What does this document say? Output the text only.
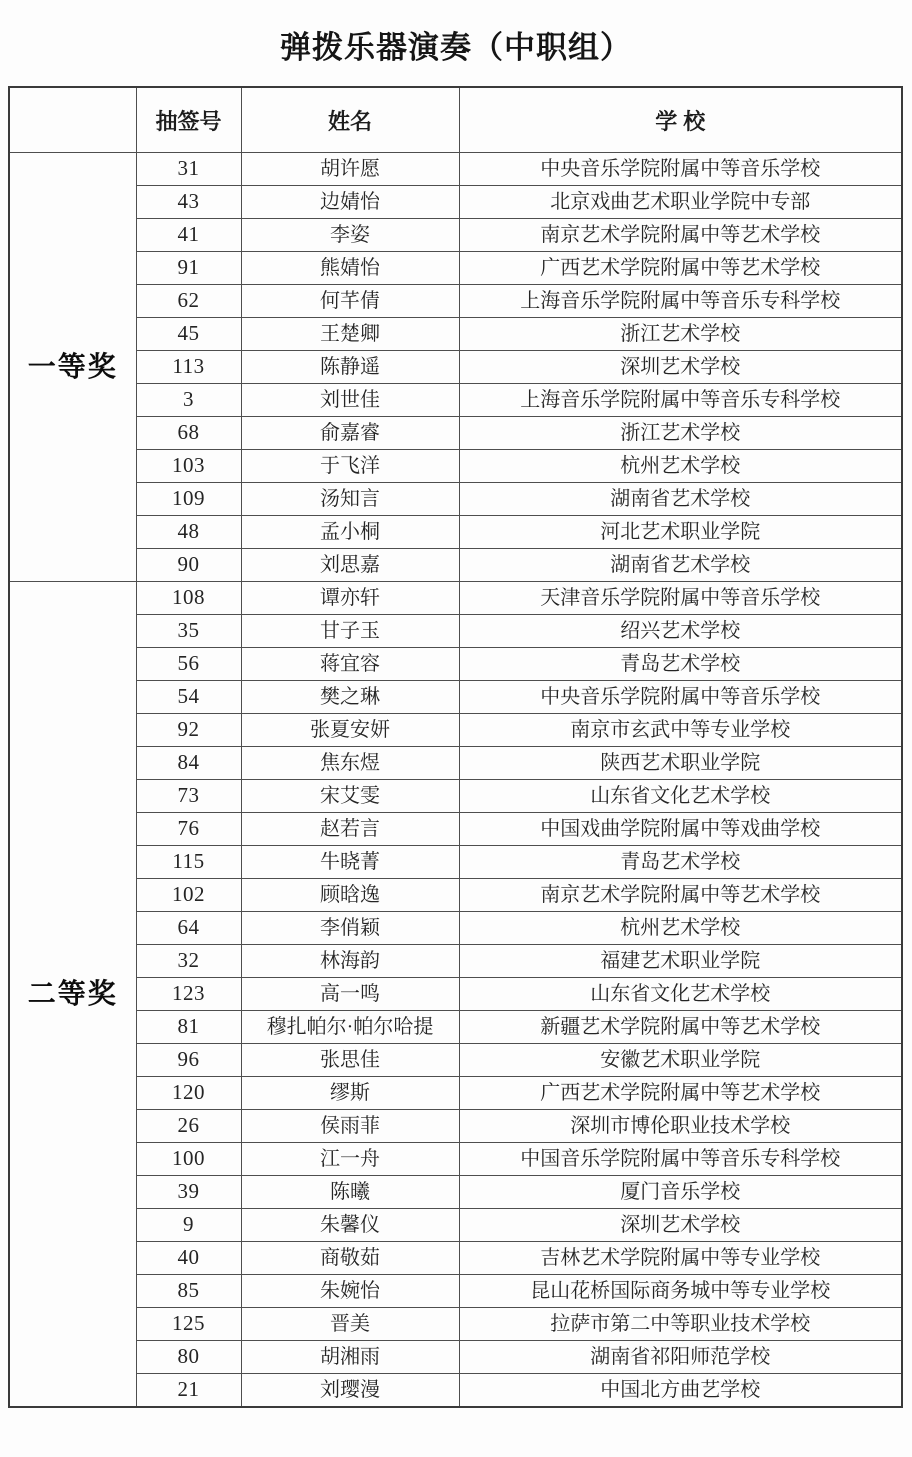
弹拨乐器演奏（中职组）
	抽签号	姓名	学 校
一等奖	31	胡许愿	中央音乐学院附属中等音乐学校
	43	边婧怡	北京戏曲艺术职业学院中专部
	41	李姿	南京艺术学院附属中等艺术学校
	91	熊婧怡	广西艺术学院附属中等艺术学校
	62	何芊倩	上海音乐学院附属中等音乐专科学校
	45	王楚卿	浙江艺术学校
	113	陈静遥	深圳艺术学校
	3	刘世佳	上海音乐学院附属中等音乐专科学校
	68	俞嘉睿	浙江艺术学校
	103	于飞洋	杭州艺术学校
	109	汤知言	湖南省艺术学校
	48	孟小桐	河北艺术职业学院
	90	刘思嘉	湖南省艺术学校
二等奖	108	谭亦轩	天津音乐学院附属中等音乐学校
	35	甘子玉	绍兴艺术学校
	56	蒋宜容	青岛艺术学校
	54	樊之琳	中央音乐学院附属中等音乐学校
	92	张夏安妍	南京市玄武中等专业学校
	84	焦东煜	陕西艺术职业学院
	73	宋艾雯	山东省文化艺术学校
	76	赵若言	中国戏曲学院附属中等戏曲学校
	115	牛晓菁	青岛艺术学校
	102	顾晗逸	南京艺术学院附属中等艺术学校
	64	李俏颖	杭州艺术学校
	32	林海韵	福建艺术职业学院
	123	高一鸣	山东省文化艺术学校
	81	穆扎帕尔·帕尔哈提	新疆艺术学院附属中等艺术学校
	96	张思佳	安徽艺术职业学院
	120	缪斯	广西艺术学院附属中等艺术学校
	26	侯雨菲	深圳市博伦职业技术学校
	100	江一舟	中国音乐学院附属中等音乐专科学校
	39	陈曦	厦门音乐学校
	9	朱馨仪	深圳艺术学校
	40	商敬茹	吉林艺术学院附属中等专业学校
	85	朱婉怡	昆山花桥国际商务城中等专业学校
	125	晋美	拉萨市第二中等职业技术学校
	80	胡湘雨	湖南省祁阳师范学校
	21	刘璎漫	中国北方曲艺学校
